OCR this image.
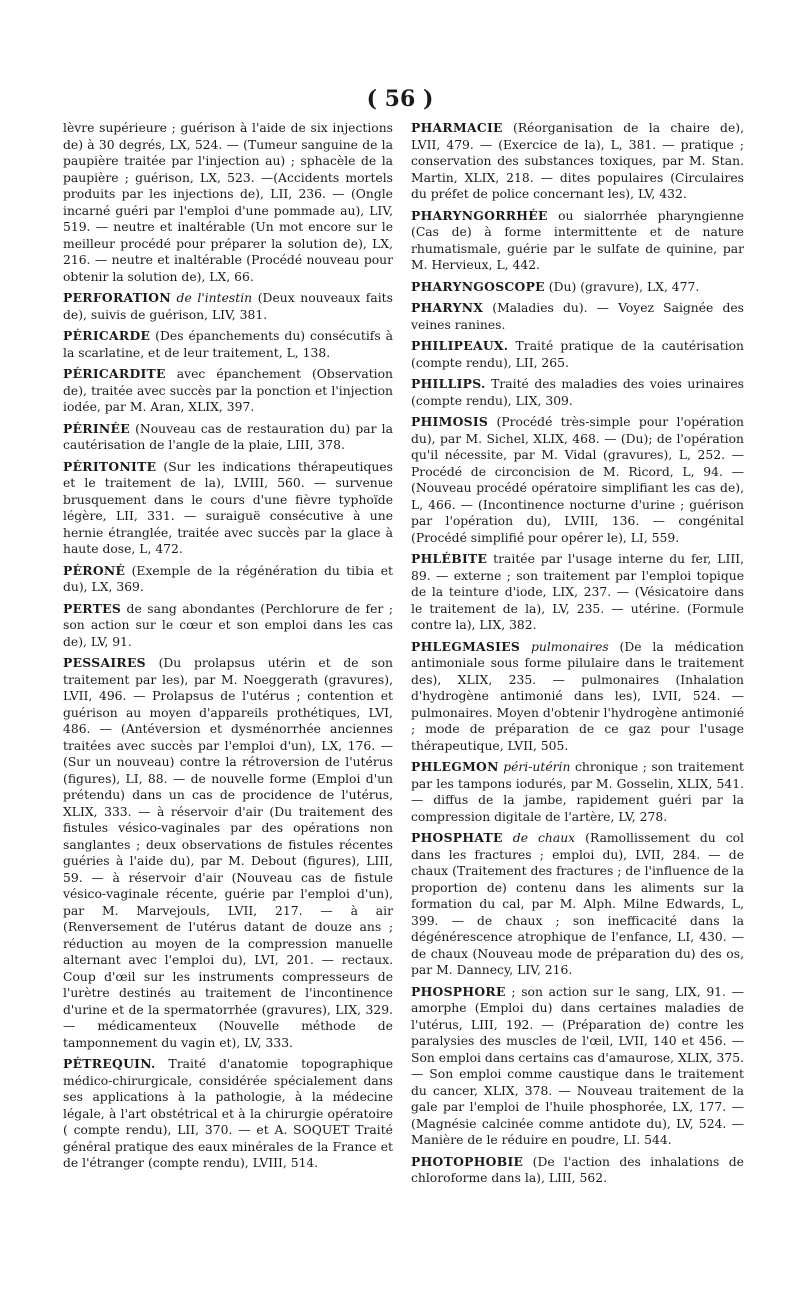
( 56 )

lèvre supérieure ; guérison à l'aide de six injections de) à 30 degrés, LX, 524. — (Tumeur sanguine de la paupière traitée par l'injection au) ; sphacèle de la paupière ; guérison, LX, 523. —(Accidents mortels produits par les injections de), LII, 236. — (Ongle incarné guéri par l'emploi d'une pommade au), LIV, 519. — neutre et inaltérable (Un mot encore sur le meilleur procédé pour préparer la solution de), LX, 216. — neutre et inaltérable (Procédé nouveau pour obtenir la solution de), LX, 66.

PERFORATION de l'intestin (Deux nouveaux faits de), suivis de guérison, LIV, 381.

PÉRICARDE (Des épanchements du) consécutifs à la scarlatine, et de leur traitement, L, 138.

PÉRICARDITE avec épanchement (Observation de), traitée avec succès par la ponction et l'injection iodée, par M. Aran, XLIX, 397.

PÉRINÉE (Nouveau cas de restauration du) par la cautérisation de l'angle de la plaie, LIII, 378.

PÉRITONITE (Sur les indications thérapeutiques et le traitement de la), LVIII, 560. — survenue brusquement dans le cours d'une fièvre typhoïde légère, LII, 331. — suraiguë consécutive à une hernie étranglée, traitée avec succès par la glace à haute dose, L, 472.

PÉRONÉ (Exemple de la régénération du tibia et du), LX, 369.

PERTES de sang abondantes (Perchlorure de fer ; son action sur le cœur et son emploi dans les cas de), LV, 91.

PESSAIRES (Du prolapsus utérin et de son traitement par les), par M. Noeggerath (gravures), LVII, 496. — Prolapsus de l'utérus ; contention et guérison au moyen d'appareils prothétiques, LVI, 486. — (Antéversion et dysménorrhée anciennes traitées avec succès par l'emploi d'un), LX, 176. — (Sur un nouveau) contre la rétroversion de l'utérus (figures), LI, 88. — de nouvelle forme (Emploi d'un prétendu) dans un cas de procidence de l'utérus, XLIX, 333. — à réservoir d'air (Du traitement des fistules vésico-vaginales par des opérations non sanglantes ; deux observations de fistules récentes guéries à l'aide du), par M. Debout (figures), LIII, 59. — à réservoir d'air (Nouveau cas de fistule vésico-vaginale récente, guérie par l'emploi d'un), par M. Marvejouls, LVII, 217. — à air (Renversement de l'utérus datant de douze ans ; réduction au moyen de la compression manuelle alternant avec l'emploi du), LVI, 201. — rectaux. Coup d'œil sur les instruments compresseurs de l'urètre destinés au traitement de l'incontinence d'urine et de la spermatorrhée (gravures), LIX, 329. — médicamenteux (Nouvelle méthode de tamponnement du vagin et), LV, 333.

PÉTREQUIN. Traité d'anatomie topographique médico-chirurgicale, considérée spécialement dans ses applications à la pathologie, à la médecine légale, à l'art obstétrical et à la chirurgie opératoire ( compte rendu), LII, 370. — et A. SOQUET Traité général pratique des eaux minérales de la France et de l'étranger (compte rendu), LVIII, 514.

PHARMACIE (Réorganisation de la chaire de), LVII, 479. — (Exercice de la), L, 381. — pratique ; conservation des substances toxiques, par M. Stan. Martin, XLIX, 218. — dites populaires (Circulaires du préfet de police concernant les), LV, 432.

PHARYNGORRHÉE ou sialorrhée pharyngienne (Cas de) à forme intermittente et de nature rhumatismale, guérie par le sulfate de quinine, par M. Hervieux, L, 442.

PHARYNGOSCOPE (Du) (gravure), LX, 477.

PHARYNX (Maladies du). — Voyez Saignée des veines ranines.

PHILIPEAUX. Traité pratique de la cautérisation (compte rendu), LII, 265.

PHILLIPS. Traité des maladies des voies urinaires (compte rendu), LIX, 309.

PHIMOSIS (Procédé très-simple pour l'opération du), par M. Sichel, XLIX, 468. — (Du); de l'opération qu'il nécessite, par M. Vidal (gravures), L, 252. — Procédé de circoncision de M. Ricord, L, 94. — (Nouveau procédé opératoire simplifiant les cas de), L, 466. — (Incontinence nocturne d'urine ; guérison par l'opération du), LVIII, 136. — congénital (Procédé simplifié pour opérer le), LI, 559.

PHLÉBITE traitée par l'usage interne du fer, LIII, 89. — externe ; son traitement par l'emploi topique de la teinture d'iode, LIX, 237. — (Vésicatoire dans le traitement de la), LV, 235. — utérine. (Formule contre la), LIX, 382.

PHLEGMASIES pulmonaires (De la médication antimoniale sous forme pilulaire dans le traitement des), XLIX, 235. — pulmonaires (Inhalation d'hydrogène antimonié dans les), LVII, 524. — pulmonaires. Moyen d'obtenir l'hydrogène antimonié ; mode de préparation de ce gaz pour l'usage thérapeutique, LVII, 505.

PHLEGMON péri-utérin chronique ; son traitement par les tampons iodurés, par M. Gosselin, XLIX, 541. — diffus de la jambe, rapidement guéri par la compression digitale de l'artère, LV, 278.

PHOSPHATE de chaux (Ramollissement du col dans les fractures ; emploi du), LVII, 284. — de chaux (Traitement des fractures ; de l'influence de la proportion de) contenu dans les aliments sur la formation du cal, par M. Alph. Milne Edwards, L, 399. — de chaux ; son inefficacité dans la dégénérescence atrophique de l'enfance, LI, 430. — de chaux (Nouveau mode de préparation du) des os, par M. Dannecy, LIV, 216.

PHOSPHORE ; son action sur le sang, LIX, 91. — amorphe (Emploi du) dans certaines maladies de l'utérus, LIII, 192. — (Préparation de) contre les paralysies des muscles de l'œil, LVII, 140 et 456. — Son emploi dans certains cas d'amaurose, XLIX, 375. — Son emploi comme caustique dans le traitement du cancer, XLIX, 378. — Nouveau traitement de la gale par l'emploi de l'huile phosphorée, LX, 177. — (Magnésie calcinée comme antidote du), LV, 524. — Manière de le réduire en poudre, LI. 544.

PHOTOPHOBIE (De l'action des inhalations de chloroforme dans la), LIII, 562.
